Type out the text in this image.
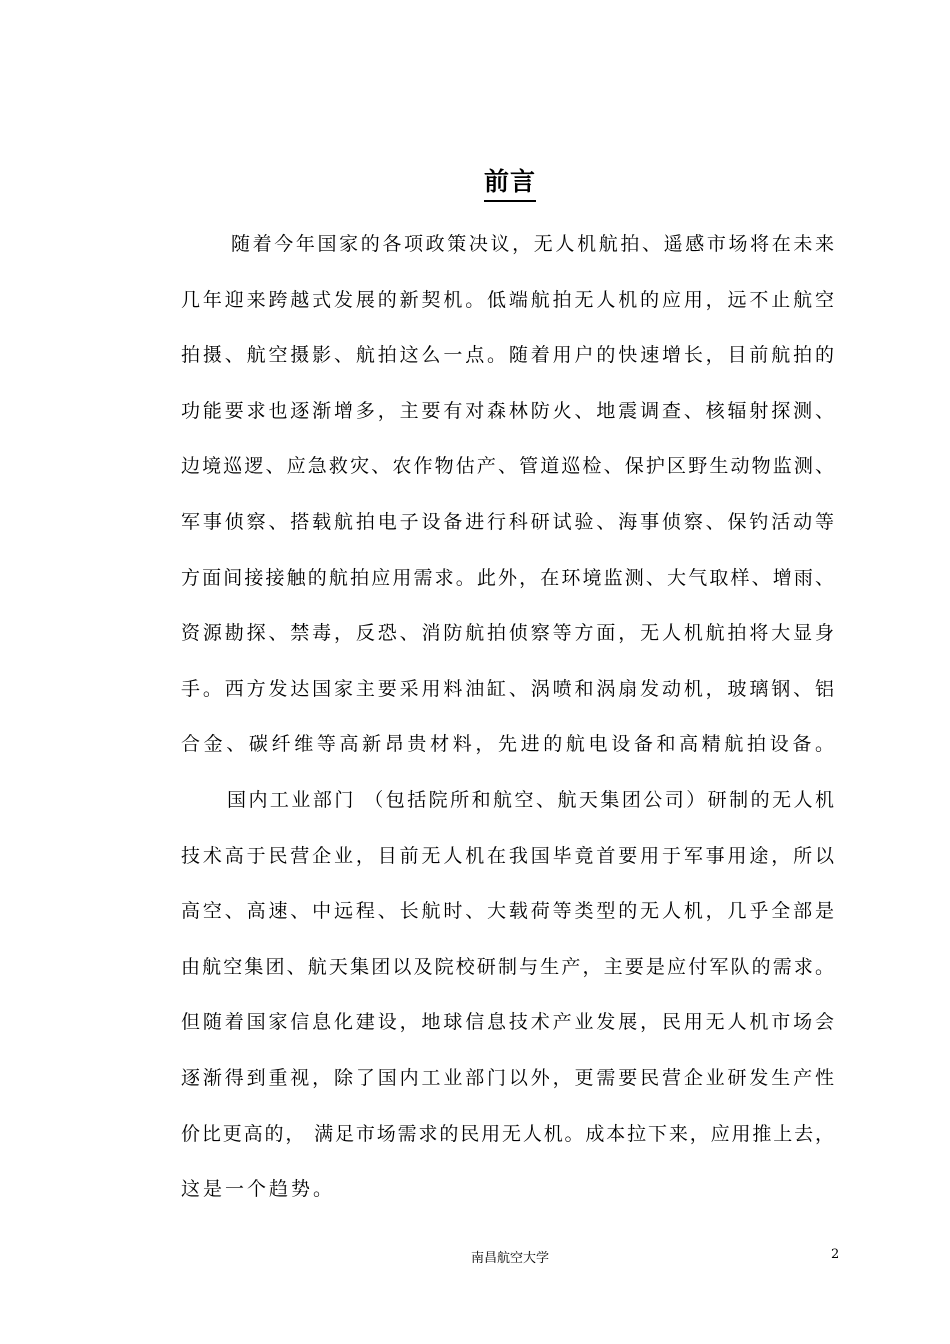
前言
随着今年国家的各项政策决议，无人机航拍、遥感市场将在未来
几年迎来跨越式发展的新契机。低端航拍无人机的应用，远不止航空
拍摄、航空摄影、航拍这么一点。随着用户的快速增长，目前航拍的
功能要求也逐渐增多，主要有对森林防火、地震调查、核辐射探测、
边境巡逻、应急救灾、农作物估产、管道巡检、保护区野生动物监测、
军事侦察、搭载航拍电子设备进行科研试验、海事侦察、保钓活动等
方面间接接触的航拍应用需求。此外，在环境监测、大气取样、增雨、
资源勘探、禁毒，反恐、消防航拍侦察等方面，无人机航拍将大显身
手。西方发达国家主要采用料油缸、涡喷和涡扇发动机，玻璃钢、铝
合金、碳纤维等高新昂贵材料，先进的航电设备和高精航拍设备。
国内工业部门 （包括院所和航空、航天集团公司）研制的无人机
技术高于民营企业，目前无人机在我国毕竟首要用于军事用途，所以
高空、高速、中远程、长航时、大载荷等类型的无人机，几乎全部是
由航空集团、航天集团以及院校研制与生产，主要是应付军队的需求。
但随着国家信息化建设，地球信息技术产业发展，民用无人机市场会
逐渐得到重视，除了国内工业部门以外，更需要民营企业研发生产性
价比更高的， 满足市场需求的民用无人机。成本拉下来，应用推上去，
这是一个趋势。
南昌航空大学	2
